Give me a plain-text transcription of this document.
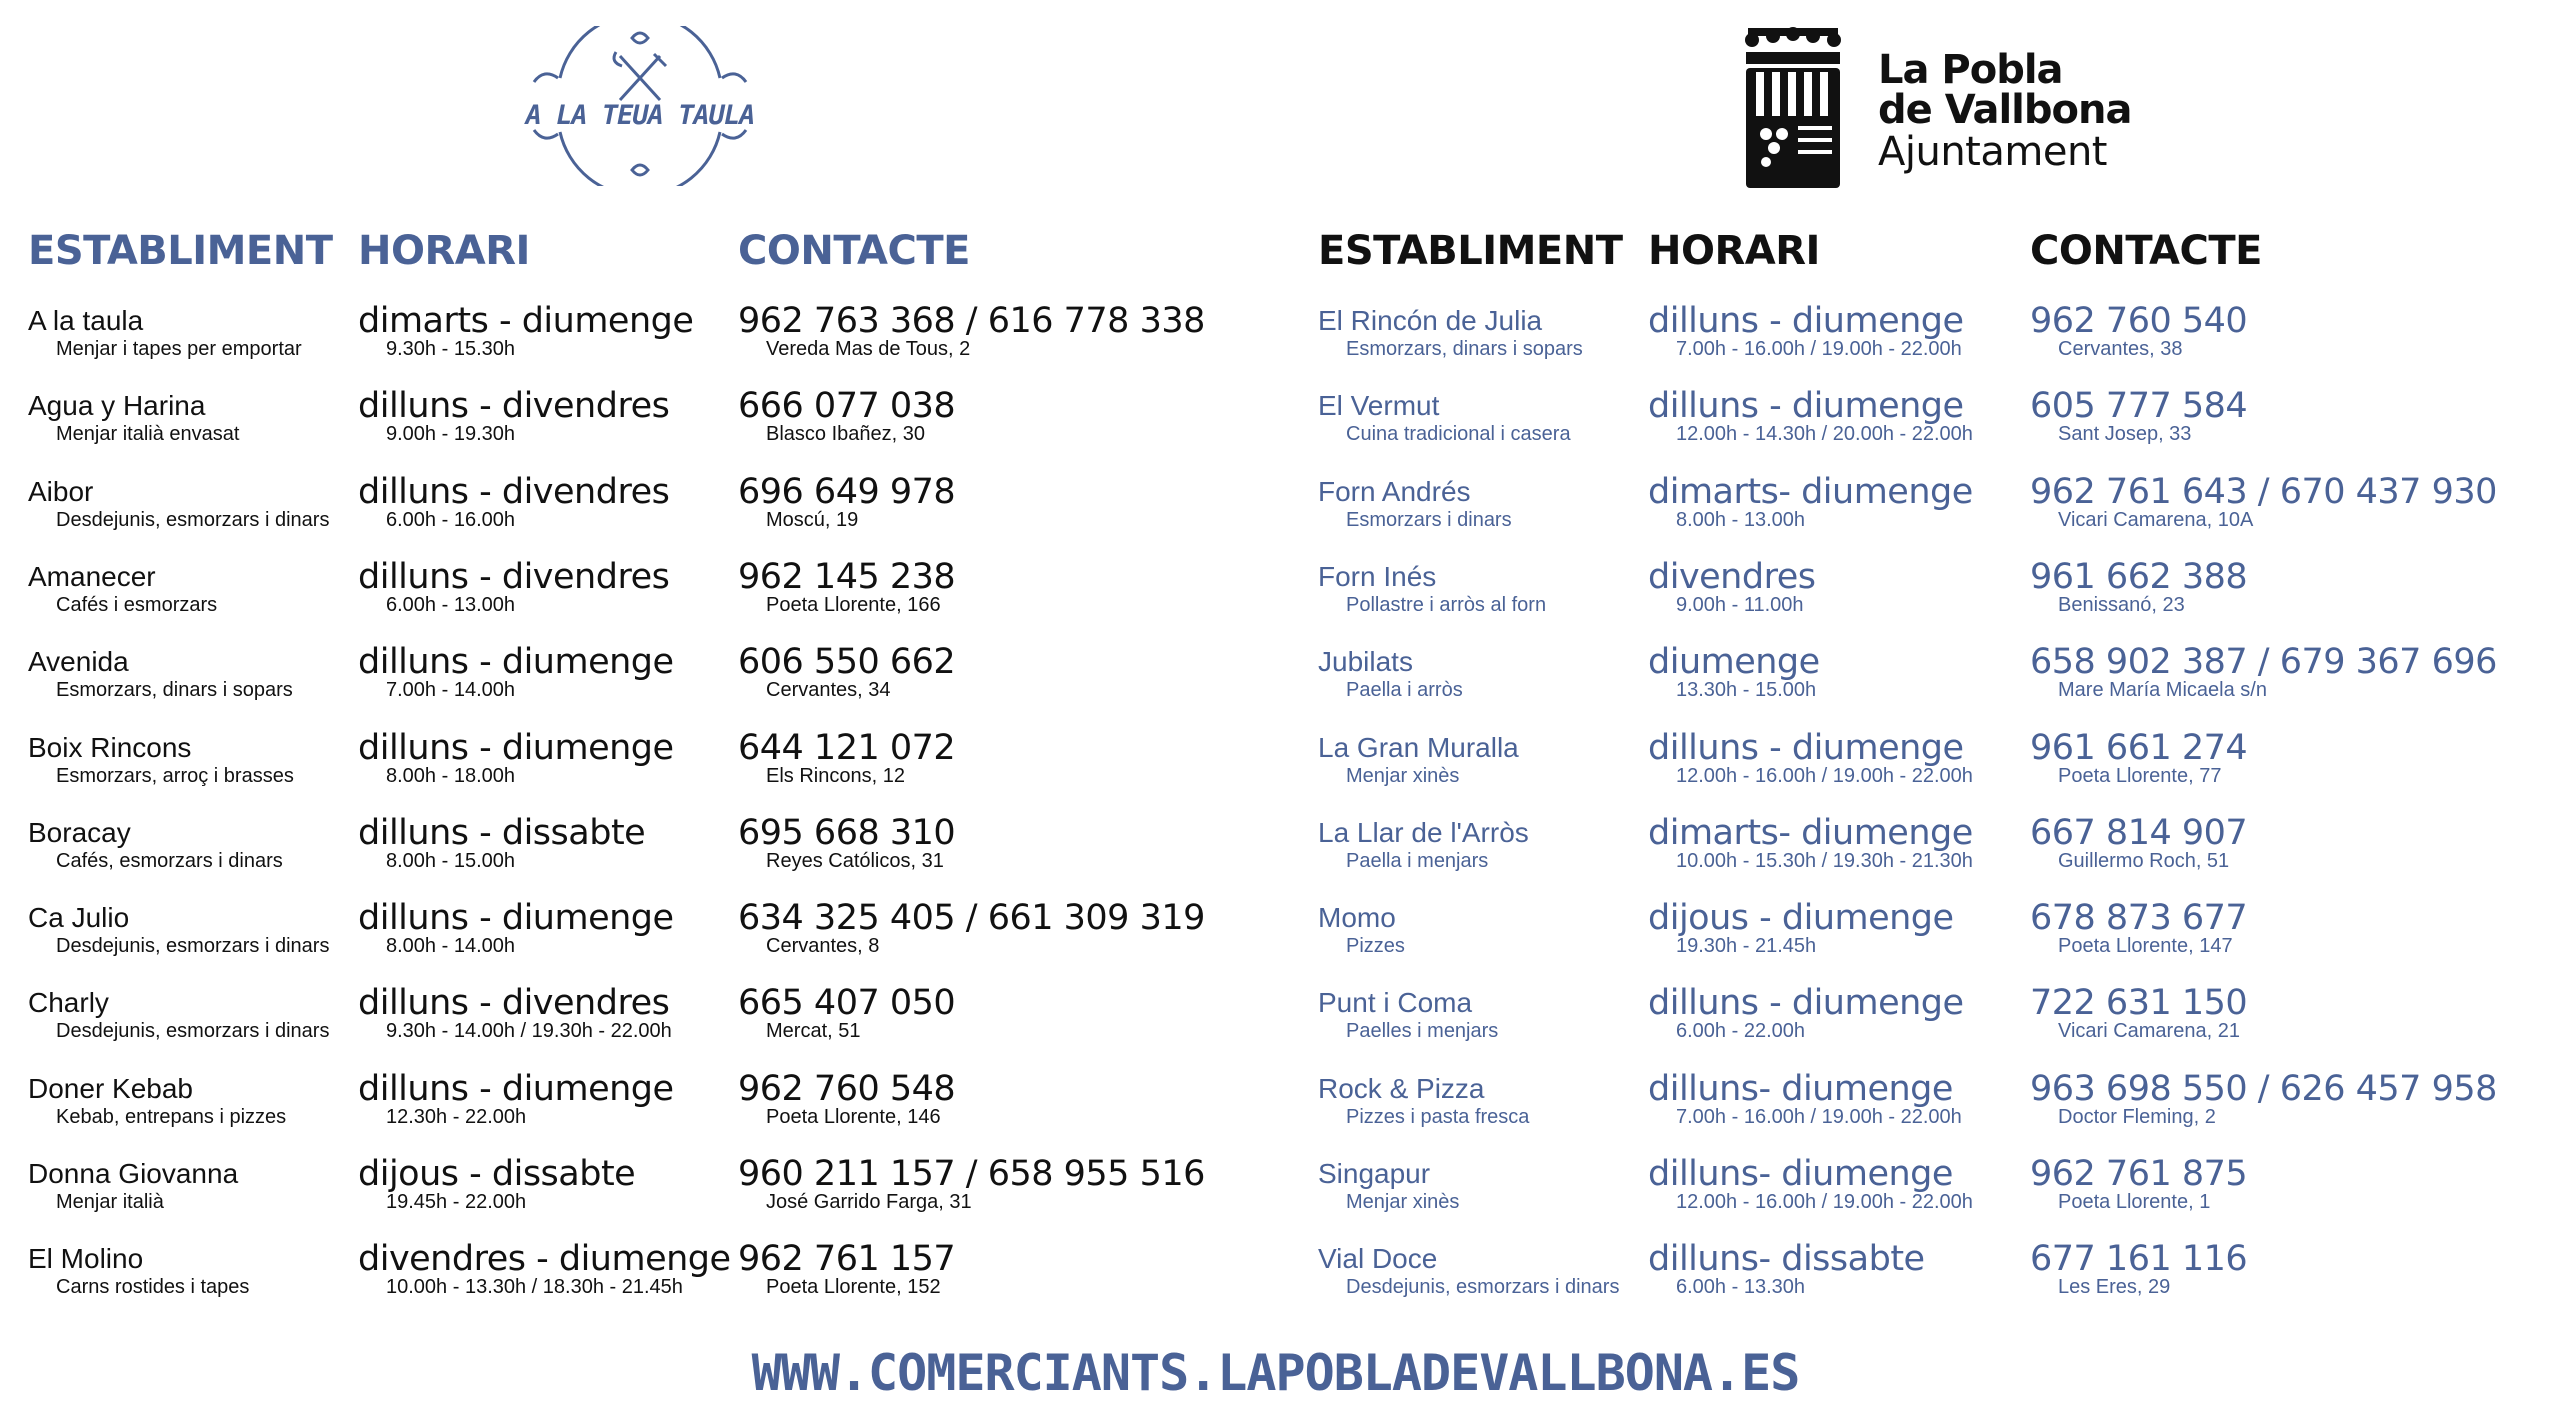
A LA TEUA TAULA
La Pobla
de Vallbona
Ajuntament
ESTABLIMENT HORARI	CONTACTE
A la taula
Menjar i tapes per emportar
dimarts - diumenge
9.30h - 15.30h
962 763 368 / 616 778 338
Vereda Mas de Tous, 2
Agua y Harina
Menjar italià envasat
dilluns - divendres
9.00h - 19.30h
666 077 038
Blasco Ibañez, 30
Aibor
Desdejunis, esmorzars i dinars
dilluns - divendres
6.00h - 16.00h
696 649 978
Moscú, 19
Amanecer
Cafés i esmorzars
dilluns - divendres
6.00h - 13.00h
962 145 238
Poeta Llorente, 166
Avenida
Esmorzars, dinars i sopars
dilluns - diumenge
7.00h - 14.00h
606 550 662
Cervantes, 34
Boix Rincons
Esmorzars, arroç i brasses
dilluns - diumenge
8.00h - 18.00h
644 121 072
Els Rincons, 12
Boracay
Cafés, esmorzars i dinars
dilluns - dissabte
8.00h - 15.00h
695 668 310
Reyes Católicos, 31
Ca Julio
Desdejunis, esmorzars i dinars
dilluns - diumenge
8.00h - 14.00h
634 325 405 / 661 309 319
Cervantes, 8
Charly
Desdejunis, esmorzars i dinars
dilluns - divendres
9.30h - 14.00h / 19.30h - 22.00h
665 407 050
Mercat, 51
Doner Kebab
Kebab, entrepans i pizzes
dilluns - diumenge
12.30h - 22.00h
962 760 548
Poeta Llorente, 146
Donna Giovanna
Menjar italià
dijous - dissabte
19.45h - 22.00h
960 211 157 / 658 955 516
José Garrido Farga, 31
El Molino
Carns rostides i tapes
divendres - diumenge
10.00h - 13.30h / 18.30h - 21.45h
962 761 157
Poeta Llorente, 152
ESTABLIMENT HORARI	CONTACTE
El Rincón de Julia
Esmorzars, dinars i sopars
dilluns - diumenge
7.00h - 16.00h / 19.00h - 22.00h
962 760 540
Cervantes, 38
El Vermut
Cuina tradicional i casera
dilluns - diumenge
12.00h - 14.30h / 20.00h - 22.00h
605 777 584
Sant Josep, 33
Forn Andrés
Esmorzars i dinars
dimarts- diumenge
8.00h - 13.00h
962 761 643 / 670 437 930
Vicari Camarena, 10A
Forn Inés
Pollastre i arròs al forn
divendres
9.00h - 11.00h
961 662 388
Benissanó, 23
Jubilats
Paella i arròs
diumenge
13.30h - 15.00h
658 902 387 / 679 367 696
Mare María Micaela s/n
La Gran Muralla
Menjar xinès
dilluns - diumenge
12.00h - 16.00h / 19.00h - 22.00h
961 661 274
Poeta Llorente, 77
La Llar de l'Arròs
Paella i menjars
dimarts- diumenge
10.00h - 15.30h / 19.30h - 21.30h
667 814 907
Guillermo Roch, 51
Momo
Pizzes
dijous - diumenge
19.30h - 21.45h
678 873 677
Poeta Llorente, 147
Punt i Coma
Paelles i menjars
dilluns - diumenge
6.00h - 22.00h
722 631 150
Vicari Camarena, 21
Rock & Pizza
Pizzes i pasta fresca
dilluns- diumenge
7.00h - 16.00h / 19.00h - 22.00h
963 698 550 / 626 457 958
Doctor Fleming, 2
Singapur
Menjar xinès
dilluns- diumenge
12.00h - 16.00h / 19.00h - 22.00h
962 761 875
Poeta Llorente, 1
Vial Doce
Desdejunis, esmorzars i dinars
dilluns- dissabte
6.00h - 13.30h
677 161 116
Les Eres, 29
WWW.COMERCIANTS.LAPOBLADEVALLBONA.ES
